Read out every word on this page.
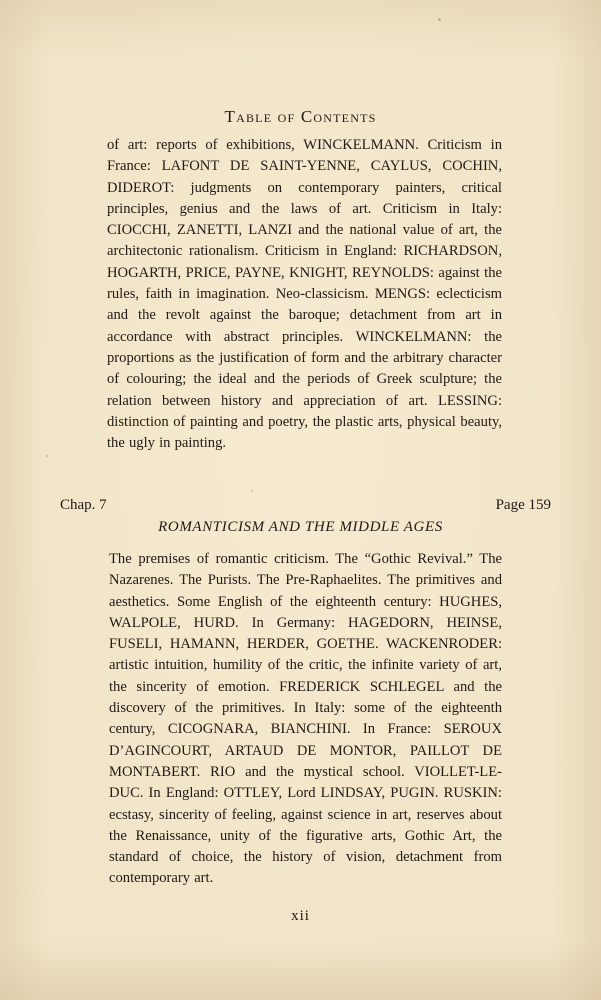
Table of Contents
of art: reports of exhibitions, WINCKELMANN. Criticism in France: LAFONT DE SAINT-YENNE, CAYLUS, COCHIN, DIDEROT: judgments on contemporary painters, critical principles, genius and the laws of art. Criticism in Italy: CIOCCHI, ZANETTI, LANZI and the national value of art, the architectonic rationalism. Criticism in England: RICHARDSON, HOGARTH, PRICE, PAYNE, KNIGHT, REYNOLDS: against the rules, faith in imagination. Neo-classicism. MENGS: eclecticism and the revolt against the baroque; detachment from art in accordance with abstract principles. WINCKELMANN: the proportions as the justification of form and the arbitrary character of colouring; the ideal and the periods of Greek sculpture; the relation between history and appreciation of art. LESSING: distinction of painting and poetry, the plastic arts, physical beauty, the ugly in painting.
Chap. 7	Page 159
ROMANTICISM AND THE MIDDLE AGES
The premises of romantic criticism. The “Gothic Revival.” The Nazarenes. The Purists. The Pre-Raphaelites. The primitives and aesthetics. Some English of the eighteenth century: HUGHES, WALPOLE, HURD. In Germany: HAGEDORN, HEINSE, FUSELI, HAMANN, HERDER, GOETHE. WACKENRODER: artistic intuition, humility of the critic, the infinite variety of art, the sincerity of emotion. FREDERICK SCHLEGEL and the discovery of the primitives. In Italy: some of the eighteenth century, CICOGNARA, BIANCHINI. In France: SEROUX D’AGINCOURT, ARTAUD DE MONTOR, PAILLOT DE MONTABERT. RIO and the mystical school. VIOLLET-LE-DUC. In England: OTTLEY, Lord LINDSAY, PUGIN. RUSKIN: ecstasy, sincerity of feeling, against science in art, reserves about the Renaissance, unity of the figurative arts, Gothic Art, the standard of choice, the history of vision, detachment from contemporary art.
xii
